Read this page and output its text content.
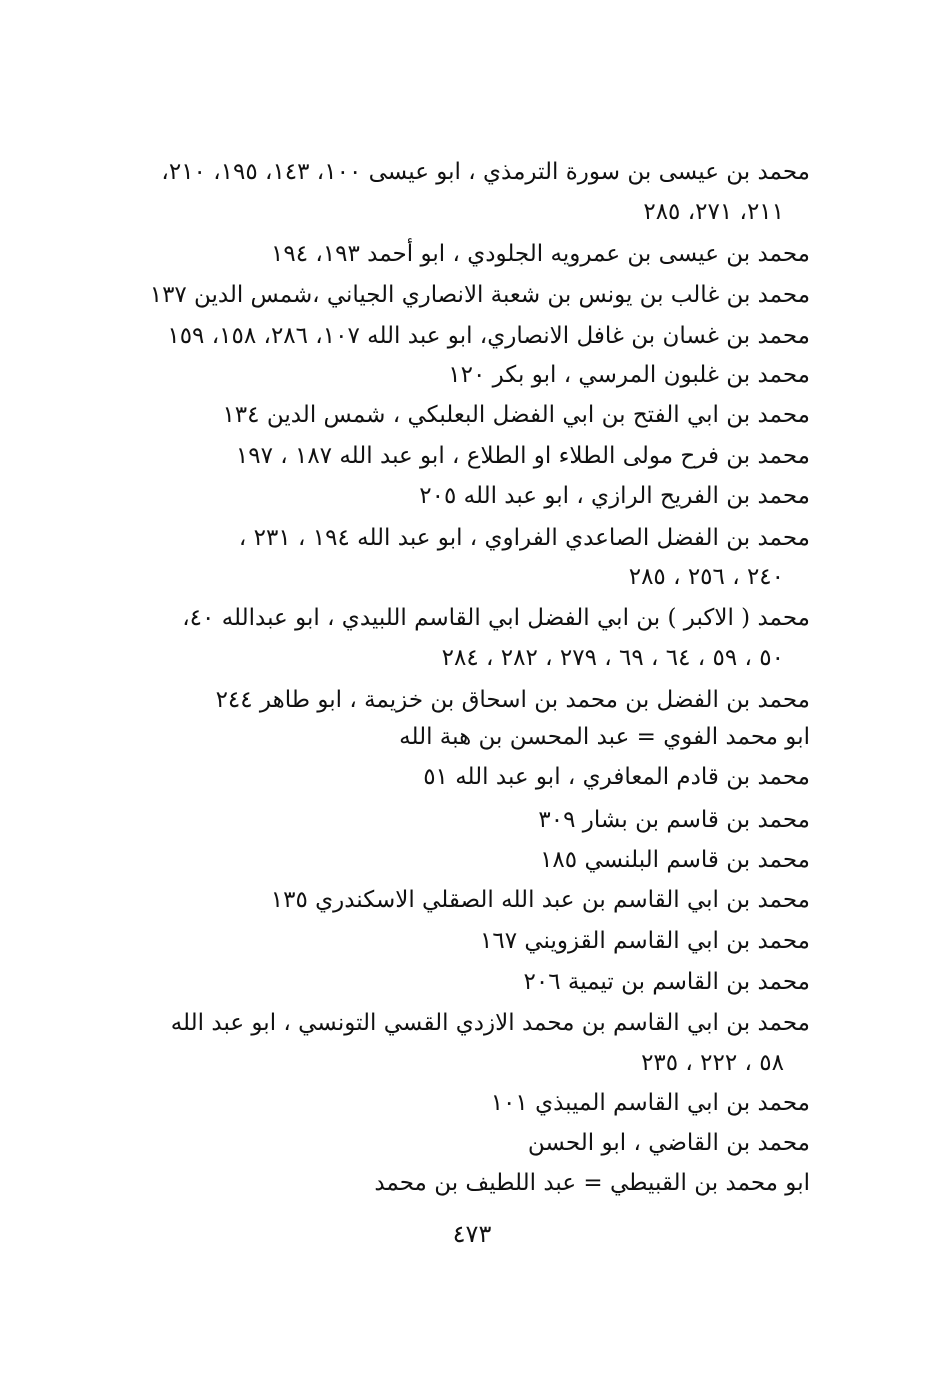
محمد بن عيسى بن سورة الترمذي ، ابو عيسى ١٠٠، ١٤٣، ١٩٥، ٢١٠،
٢١١، ٢٧١، ٢٨٥
محمد بن عيسى بن عمرويه الجلودي ، ابو أحمد ١٩٣، ١٩٤
محمد بن غالب بن يونس بن شعبة الانصاري الجياني ،شمس الدين ١٣٧
محمد بن غسان بن غافل الانصاري، ابو عبد الله ١٠٧، ٢٨٦، ١٥٨، ١٥٩
محمد بن غلبون المرسي ، ابو بكر ١٢٠
محمد بن ابي الفتح بن ابي الفضل البعلبكي ، شمس الدين ١٣٤
محمد بن فرح مولى الطلاء او الطلاع ، ابو عبد الله ١٨٧ ، ١٩٧
محمد بن الفريح الرازي ، ابو عبد الله ٢٠٥
محمد بن الفضل الصاعدي الفراوي ، ابو عبد الله ١٩٤ ، ٢٣١ ،
٢٤٠ ، ٢٥٦ ، ٢٨٥
محمد ( الاكبر ) بن ابي الفضل ابي القاسم اللبيدي ، ابو عبدالله ٤٠،
٥٠ ، ٥٩ ، ٦٤ ، ٦٩ ، ٢٧٩ ، ٢٨٢ ، ٢٨٤
محمد بن الفضل بن محمد بن اسحاق بن خزيمة ، ابو طاهر ٢٤٤
ابو محمد الفوي = عبد المحسن بن هبة الله
محمد بن قادم المعافري ، ابو عبد الله ٥١
محمد بن قاسم بن بشار ٣٠٩
محمد بن قاسم البلنسي ١٨٥
محمد بن ابي القاسم بن عبد الله الصقلي الاسكندري ١٣٥
محمد بن ابي القاسم القزويني ١٦٧
محمد بن القاسم بن تيمية ٢٠٦
محمد بن ابي القاسم بن محمد الازدي القسي التونسي ، ابو عبد الله
٥٨ ، ٢٢٢ ، ٢٣٥
محمد بن ابي القاسم الميبذي ١٠١
محمد بن القاضي ، ابو الحسن
ابو محمد بن القبيطي = عبد اللطيف بن محمد
٤٧٣
